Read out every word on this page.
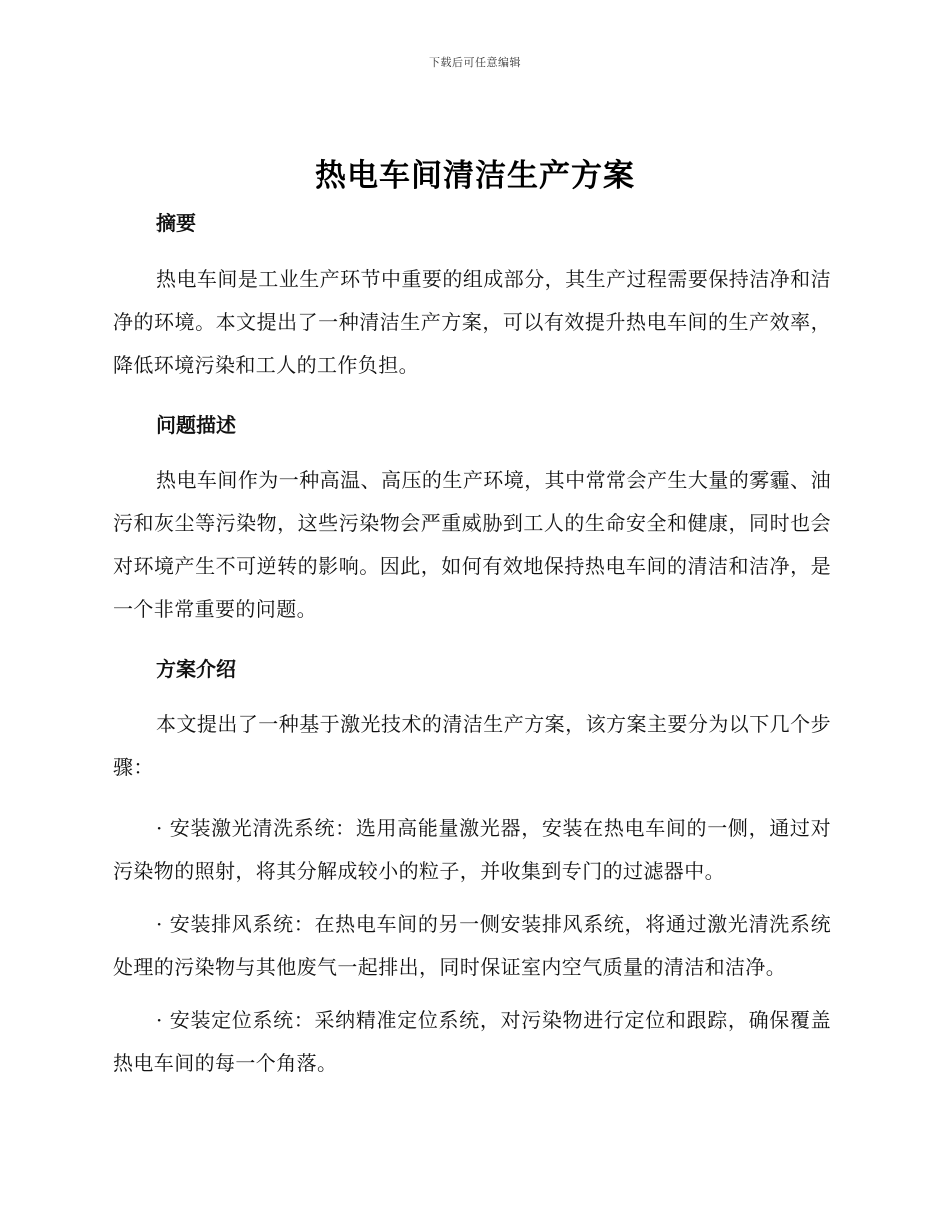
下载后可任意编辑
热电车间清洁生产方案
摘要

热电车间是工业生产环节中重要的组成部分，其生产过程需要保持洁净和洁净的环境。本文提出了一种清洁生产方案，可以有效提升热电车间的生产效率，降低环境污染和工人的工作负担。

问题描述

热电车间作为一种高温、高压的生产环境，其中常常会产生大量的雾霾、油污和灰尘等污染物，这些污染物会严重威胁到工人的生命安全和健康，同时也会对环境产生不可逆转的影响。因此，如何有效地保持热电车间的清洁和洁净，是一个非常重要的问题。

方案介绍

本文提出了一种基于激光技术的清洁生产方案，该方案主要分为以下几个步骤：

· 安装激光清洗系统：选用高能量激光器，安装在热电车间的一侧，通过对污染物的照射，将其分解成较小的粒子，并收集到专门的过滤器中。

· 安装排风系统：在热电车间的另一侧安装排风系统，将通过激光清洗系统处理的污染物与其他废气一起排出，同时保证室内空气质量的清洁和洁净。

· 安装定位系统：采纳精准定位系统，对污染物进行定位和跟踪，确保覆盖热电车间的每一个角落。
